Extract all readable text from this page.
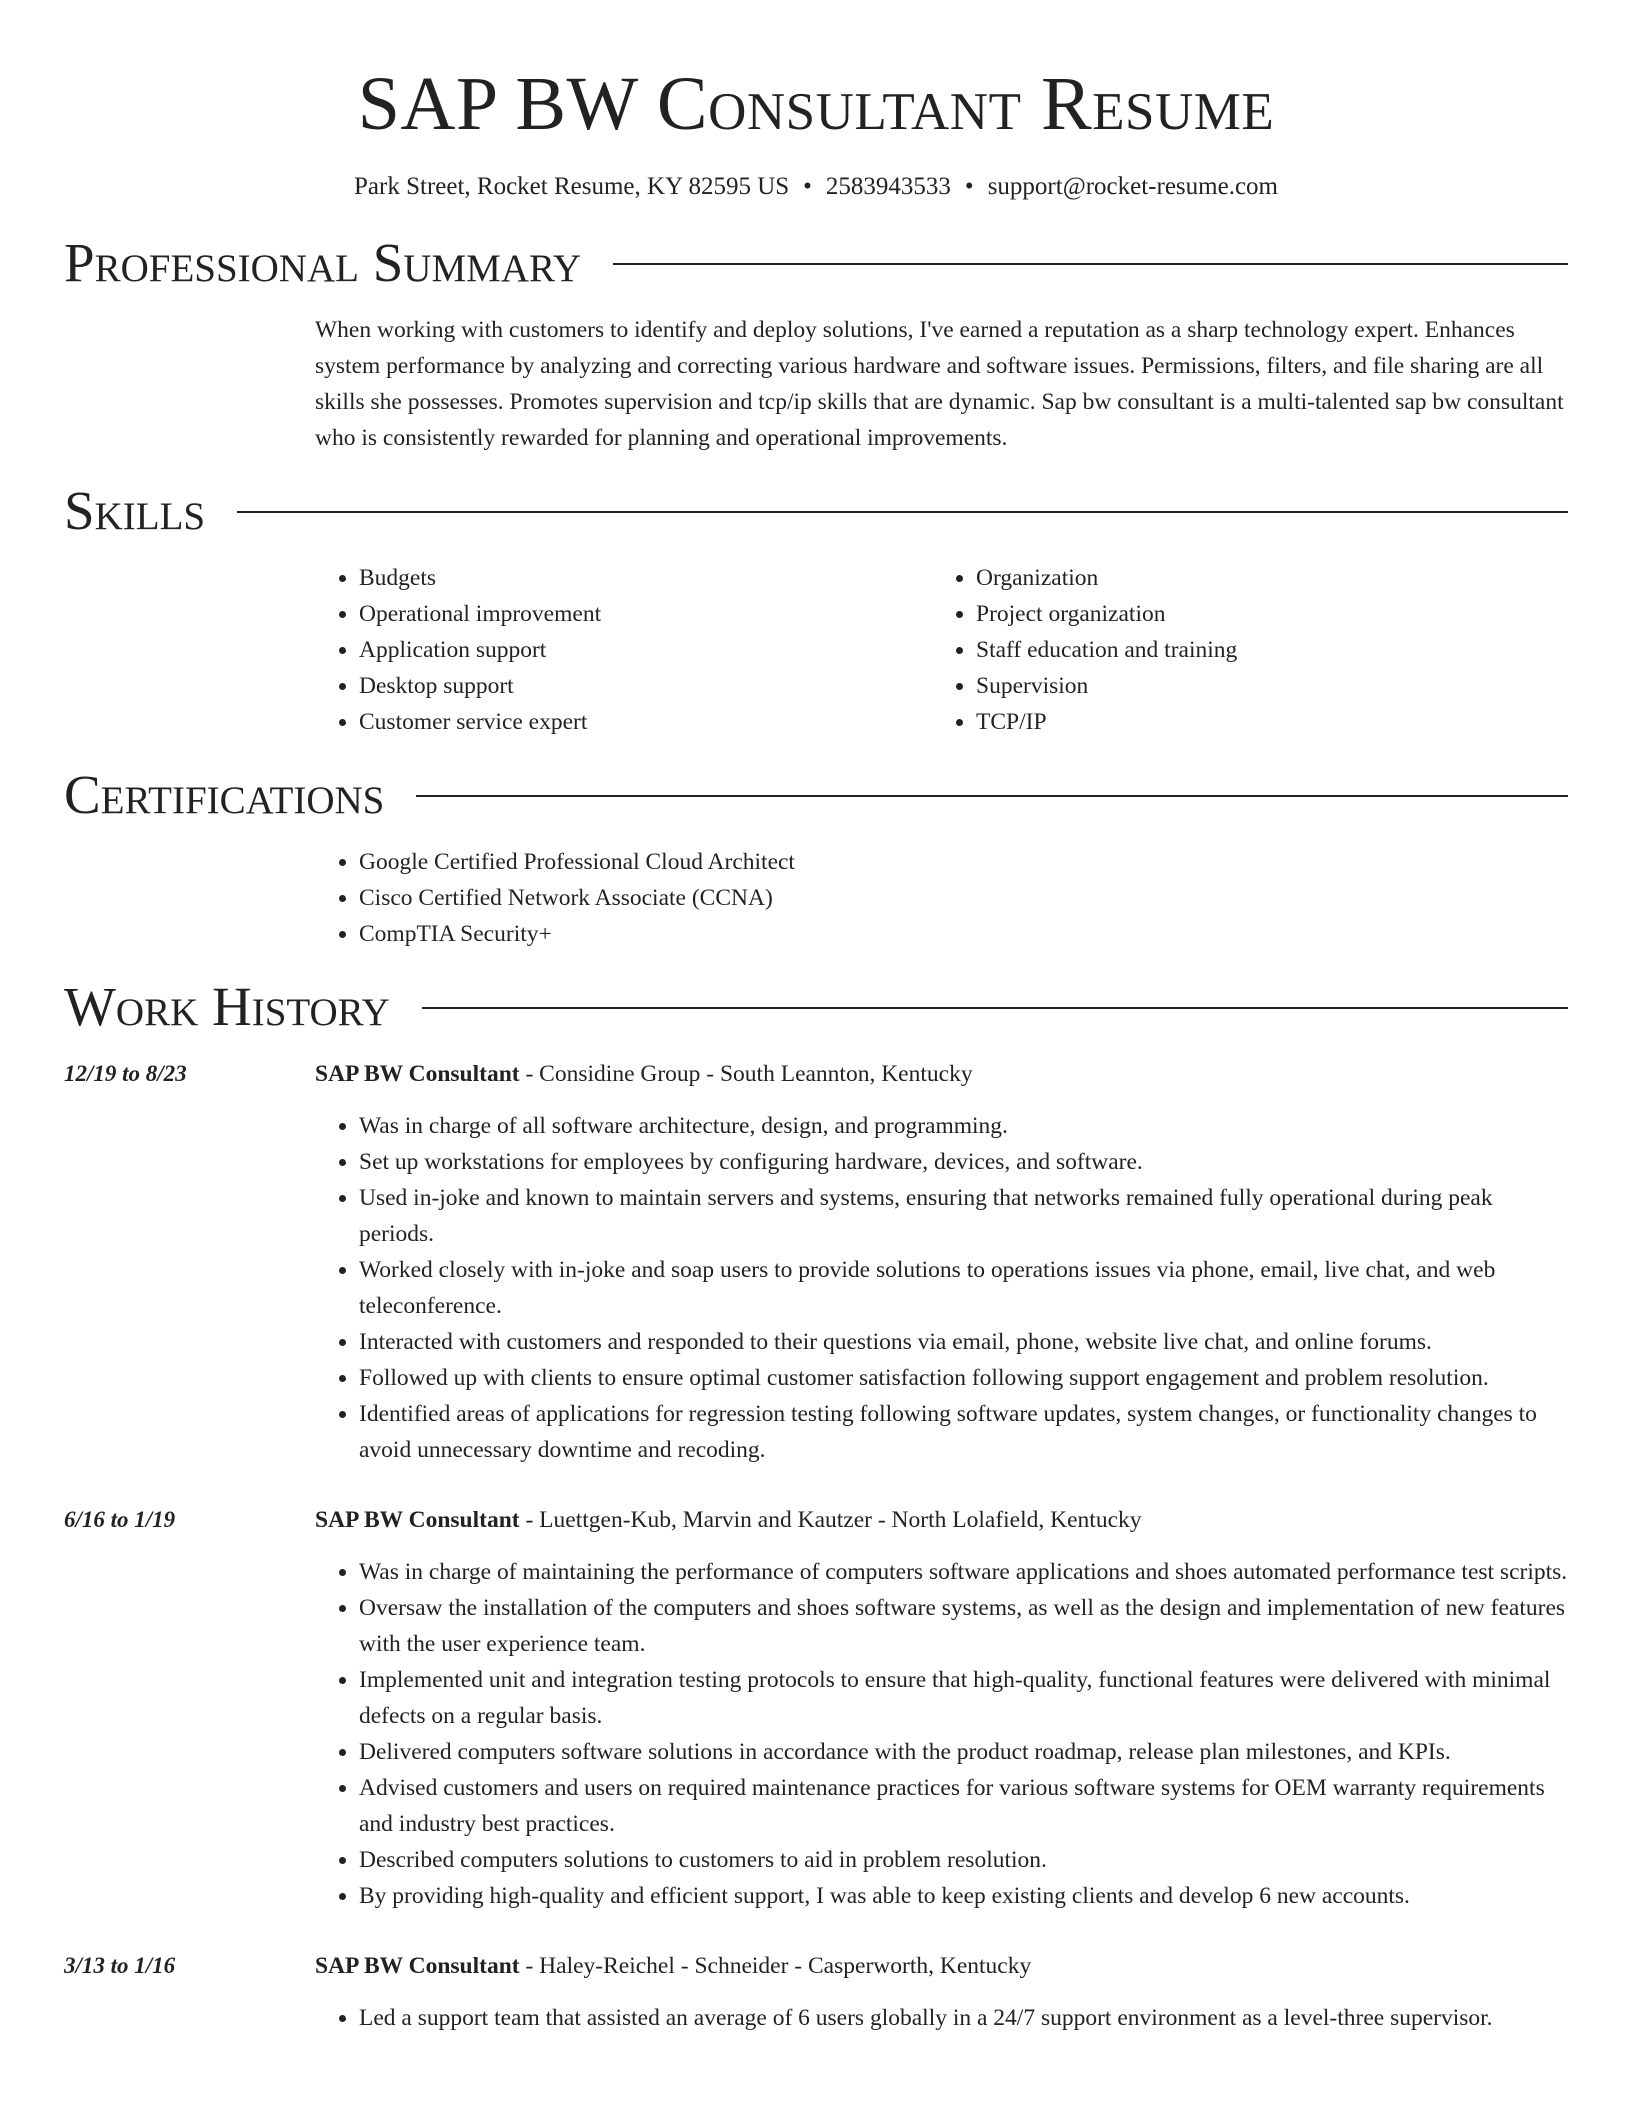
SAP BW Consultant Resume
Park Street, Rocket Resume, KY 82595 US • 2583943533 • support@rocket-resume.com
Professional Summary

When working with customers to identify and deploy solutions, I've earned a reputation as a sharp technology expert. Enhances system performance by analyzing and correcting various hardware and software issues. Permissions, filters, and file sharing are all skills she possesses. Promotes supervision and tcp/ip skills that are dynamic. Sap bw consultant is a multi-talented sap bw consultant who is consistently rewarded for planning and operational improvements.

Skills
• Budgets
• Operational improvement
• Application support
• Desktop support
• Customer service expert
• Organization
• Project organization
• Staff education and training
• Supervision
• TCP/IP
Certifications
• Google Certified Professional Cloud Architect
• Cisco Certified Network Associate (CCNA)
• CompTIA Security+
Work History
12/19 to 8/23	SAP BW Consultant - Considine Group - South Leannton, Kentucky
• Was in charge of all software architecture, design, and programming.
• Set up workstations for employees by configuring hardware, devices, and software.
• Used in-joke and known to maintain servers and systems, ensuring that networks remained fully operational during peak periods.
• Worked closely with in-joke and soap users to provide solutions to operations issues via phone, email, live chat, and web teleconference.
• Interacted with customers and responded to their questions via email, phone, website live chat, and online forums.
• Followed up with clients to ensure optimal customer satisfaction following support engagement and problem resolution.
• Identified areas of applications for regression testing following software updates, system changes, or functionality changes to avoid unnecessary downtime and recoding.
6/16 to 1/19	SAP BW Consultant - Luettgen-Kub, Marvin and Kautzer - North Lolafield, Kentucky
• Was in charge of maintaining the performance of computers software applications and shoes automated performance test scripts.
• Oversaw the installation of the computers and shoes software systems, as well as the design and implementation of new features with the user experience team.
• Implemented unit and integration testing protocols to ensure that high-quality, functional features were delivered with minimal defects on a regular basis.
• Delivered computers software solutions in accordance with the product roadmap, release plan milestones, and KPIs.
• Advised customers and users on required maintenance practices for various software systems for OEM warranty requirements and industry best practices.
• Described computers solutions to customers to aid in problem resolution.
• By providing high-quality and efficient support, I was able to keep existing clients and develop 6 new accounts.
3/13 to 1/16	SAP BW Consultant - Haley-Reichel - Schneider - Casperworth, Kentucky
• Led a support team that assisted an average of 6 users globally in a 24/7 support environment as a level-three supervisor.
